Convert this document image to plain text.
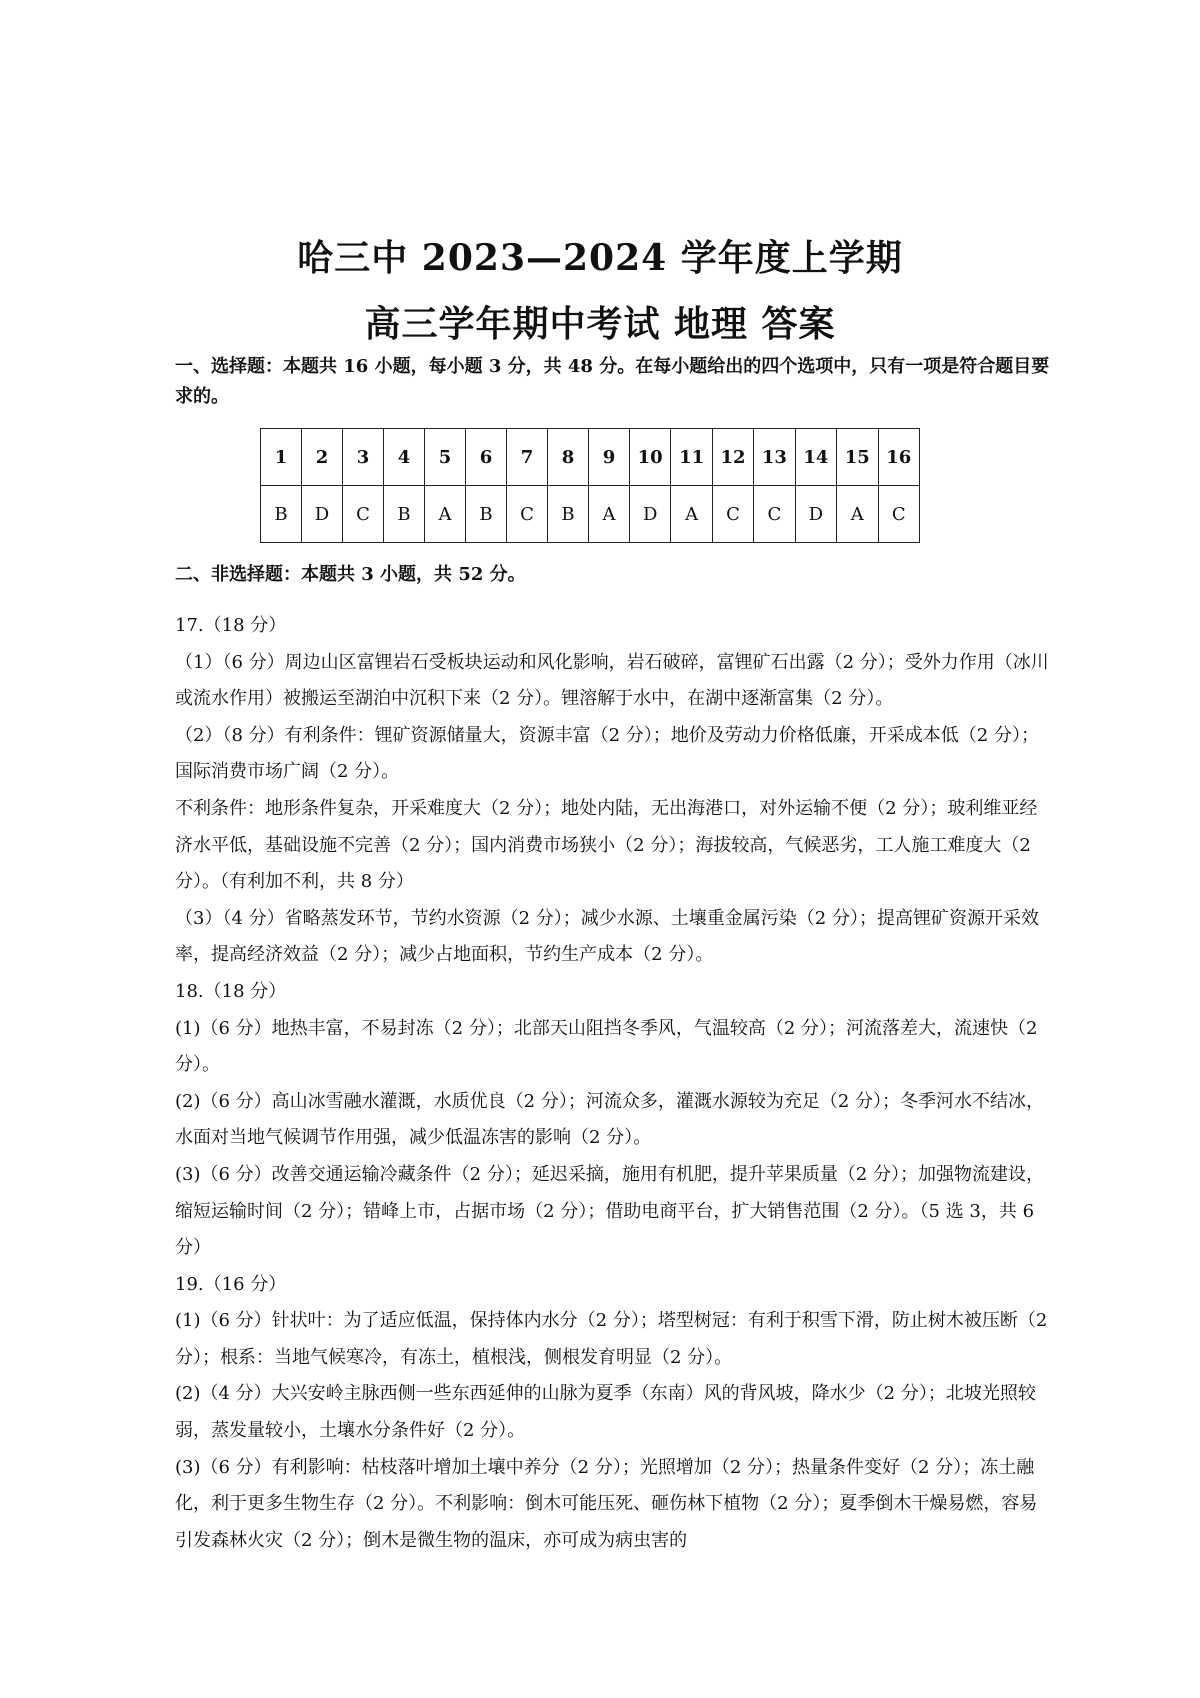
哈三中 2023—2024 学年度上学期
高三学年期中考试 地理 答案

一、选择题：本题共 16 小题，每小题 3 分，共 48 分。在每小题给出的四个选项中，只有一项是符合题目要求的。

1	2	3	4	5	6	7	8	9	10	11	12	13	14	15	16
B	D	C	B	A	B	C	B	A	D	A	C	C	D	A	C

二、非选择题：本题共 3 小题，共 52 分。

17.（18 分）

（1）（6 分）周边山区富锂岩石受板块运动和风化影响，岩石破碎，富锂矿石出露（2 分）；受外力作用（冰川或流水作用）被搬运至湖泊中沉积下来（2 分）。锂溶解于水中，在湖中逐渐富集（2 分）。

（2）（8 分）有利条件：锂矿资源储量大，资源丰富（2 分）；地价及劳动力价格低廉，开采成本低（2 分）；国际消费市场广阔（2 分）。

不利条件：地形条件复杂，开采难度大（2 分）；地处内陆，无出海港口，对外运输不便（2 分）；玻利维亚经济水平低，基础设施不完善（2 分）；国内消费市场狭小（2 分）；海拔较高，气候恶劣，工人施工难度大（2 分）。（有利加不利，共 8 分）

（3）（4 分）省略蒸发环节，节约水资源（2 分）；减少水源、土壤重金属污染（2 分）；提高锂矿资源开采效率，提高经济效益（2 分）；减少占地面积，节约生产成本（2 分）。

18.（18 分）

(1)（6 分）地热丰富，不易封冻（2 分）；北部天山阻挡冬季风，气温较高（2 分）；河流落差大，流速快（2 分）。

(2)（6 分）高山冰雪融水灌溉，水质优良（2 分）；河流众多，灌溉水源较为充足（2 分）；冬季河水不结冰，水面对当地气候调节作用强，减少低温冻害的影响（2 分）。

(3)（6 分）改善交通运输冷藏条件（2 分）；延迟采摘，施用有机肥，提升苹果质量（2 分）；加强物流建设，缩短运输时间（2 分）；错峰上市，占据市场（2 分）；借助电商平台，扩大销售范围（2 分）。（5 选 3，共 6 分）

19.（16 分）

(1)（6 分）针状叶：为了适应低温，保持体内水分（2 分）；塔型树冠：有利于积雪下滑，防止树木被压断（2 分）；根系：当地气候寒冷，有冻土，植根浅，侧根发育明显（2 分）。

(2)（4 分）大兴安岭主脉西侧一些东西延伸的山脉为夏季（东南）风的背风坡，降水少（2 分）；北坡光照较弱，蒸发量较小，土壤水分条件好（2 分）。

(3)（6 分）有利影响：枯枝落叶增加土壤中养分（2 分）；光照增加（2 分）；热量条件变好（2 分）；冻土融化，利于更多生物生存（2 分）。不利影响：倒木可能压死、砸伤林下植物（2 分）；夏季倒木干燥易燃，容易引发森林火灾（2 分）；倒木是微生物的温床，亦可成为病虫害的
